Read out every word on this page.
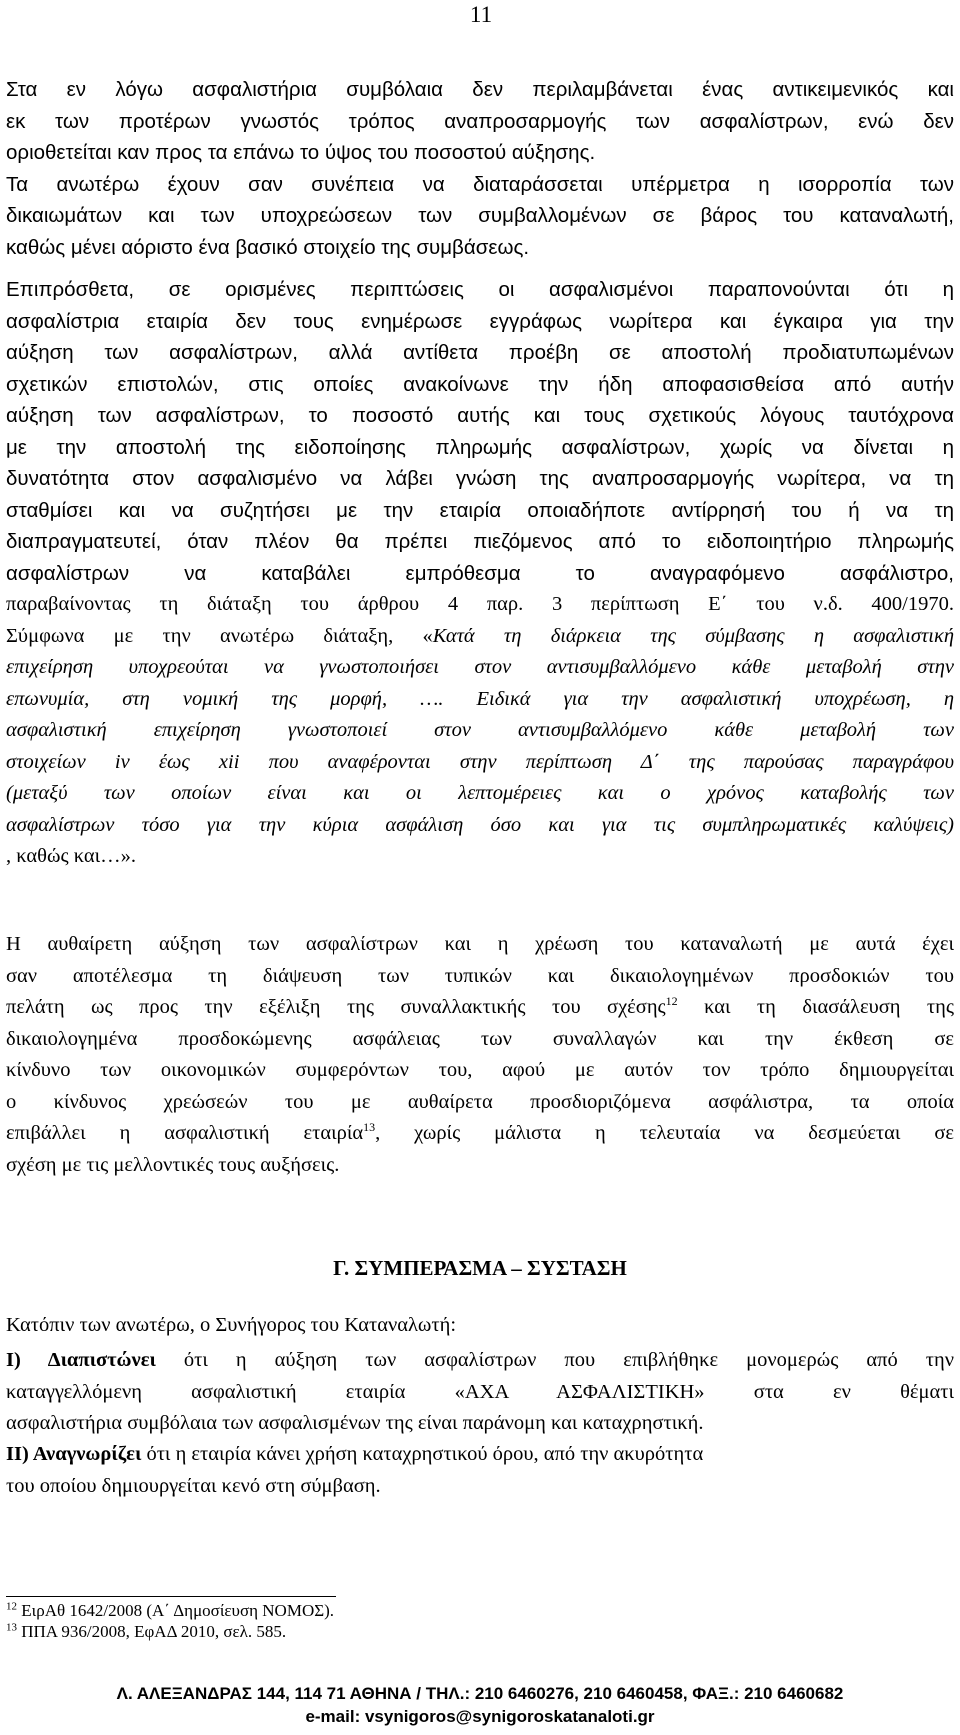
11
Στα εν λόγω ασφαλιστήρια συμβόλαια δεν περιλαμβάνεται ένας αντικειμενικός και
εκ των προτέρων γνωστός τρόπος αναπροσαρμογής των ασφαλίστρων, ενώ δεν
οριοθετείται καν προς τα επάνω το ύψος του ποσοστού αύξησης.
Τα ανωτέρω έχουν σαν συνέπεια να διαταράσσεται υπέρμετρα η ισορροπία των
δικαιωμάτων και των υποχρεώσεων των συμβαλλομένων σε βάρος του καταναλωτή,
καθώς μένει αόριστο ένα βασικό στοιχείο της συμβάσεως.
Επιπρόσθετα, σε ορισμένες περιπτώσεις οι ασφαλισμένοι παραπονούνται ότι η
ασφαλίστρια εταιρία δεν τους ενημέρωσε εγγράφως νωρίτερα και έγκαιρα για την
αύξηση των ασφαλίστρων, αλλά αντίθετα προέβη σε αποστολή προδιατυπωμένων
σχετικών επιστολών, στις οποίες ανακοίνωνε την ήδη αποφασισθείσα από αυτήν
αύξηση των ασφαλίστρων, το ποσοστό αυτής και τους σχετικούς λόγους ταυτόχρονα
με την αποστολή της ειδοποίησης πληρωμής ασφαλίστρων, χωρίς να δίνεται η
δυνατότητα στον ασφαλισμένο να λάβει γνώση της αναπροσαρμογής νωρίτερα, να τη
σταθμίσει και να συζητήσει με την εταιρία οποιαδήποτε αντίρρησή του ή να τη
διαπραγματευτεί, όταν πλέον θα πρέπει πιεζόμενος από το ειδοποιητήριο πληρωμής
ασφαλίστρων να καταβάλει εμπρόθεσμα το αναγραφόμενο ασφάλιστρο,
παραβαίνοντας τη διάταξη του άρθρου 4 παρ. 3 περίπτωση Ε΄ του ν.δ. 400/1970.
Σύμφωνα με την ανωτέρω διάταξη, «Κατά τη διάρκεια της σύμβασης η ασφαλιστική
επιχείρηση υποχρεούται να γνωστοποιήσει στον αντισυμβαλλόμενο κάθε μεταβολή στην
επωνυμία, στη νομική της μορφή, …. Ειδικά για την ασφαλιστική υποχρέωση, η
ασφαλιστική επιχείρηση γνωστοποιεί στον αντισυμβαλλόμενο κάθε μεταβολή των
στοιχείων iv έως xii που αναφέρονται στην περίπτωση Δ΄ της παρούσας παραγράφου
(μεταξύ των οποίων είναι και οι λεπτομέρειες και ο χρόνος καταβολής των
ασφαλίστρων τόσο για την κύρια ασφάλιση όσο και για τις συμπληρωματικές καλύψεις)
, καθώς και…».
Η αυθαίρετη αύξηση των ασφαλίστρων και η χρέωση του καταναλωτή με αυτά έχει
σαν αποτέλεσμα τη διάψευση των τυπικών και δικαιολογημένων προσδοκιών του
πελάτη ως προς την εξέλιξη της συναλλακτικής του σχέσης$^{12}$ και τη διασάλευση της
δικαιολογημένα προσδοκώμενης ασφάλειας των συναλλαγών και την έκθεση σε
κίνδυνο των οικονομικών συμφερόντων του, αφού με αυτόν τον τρόπο δημιουργείται
ο κίνδυνος χρεώσεών του με αυθαίρετα προσδιοριζόμενα ασφάλιστρα, τα οποία
επιβάλλει η ασφαλιστική εταιρία$^{13}$, χωρίς μάλιστα η τελευταία να δεσμεύεται σε
σχέση με τις μελλοντικές τους αυξήσεις.
Γ. ΣΥΜΠΕΡΑΣΜΑ – ΣΥΣΤΑΣΗ
Κατόπιν των ανωτέρω, ο Συνήγορος του Καταναλωτή:
Ι) Διαπιστώνει ότι η αύξηση των ασφαλίστρων που επιβλήθηκε μονομερώς από την
καταγγελλόμενη ασφαλιστική εταιρία «ΑΧΑ ΑΣΦΑΛΙΣΤΙΚΗ» στα εν θέματι
ασφαλιστήρια συμβόλαια των ασφαλισμένων της είναι παράνομη και καταχρηστική.
ΙΙ) Αναγνωρίζει ότι η εταιρία κάνει χρήση καταχρηστικού όρου, από την ακυρότητα
του οποίου δημιουργείται κενό στη σύμβαση.
$^{12}$ ΕιρΑθ 1642/2008 (Α΄ Δημοσίευση ΝΟΜΟΣ).
$^{13}$ ΠΠΑ 936/2008, ΕφΑΔ 2010, σελ. 585.
Λ. ΑΛΕΞΑΝΔΡΑΣ 144, 114 71 ΑΘΗΝΑ / ΤΗΛ.: 210 6460276, 210 6460458, ΦΑΞ.: 210 6460682
e-mail: vsynigoros@synigoroskatanaloti.gr
